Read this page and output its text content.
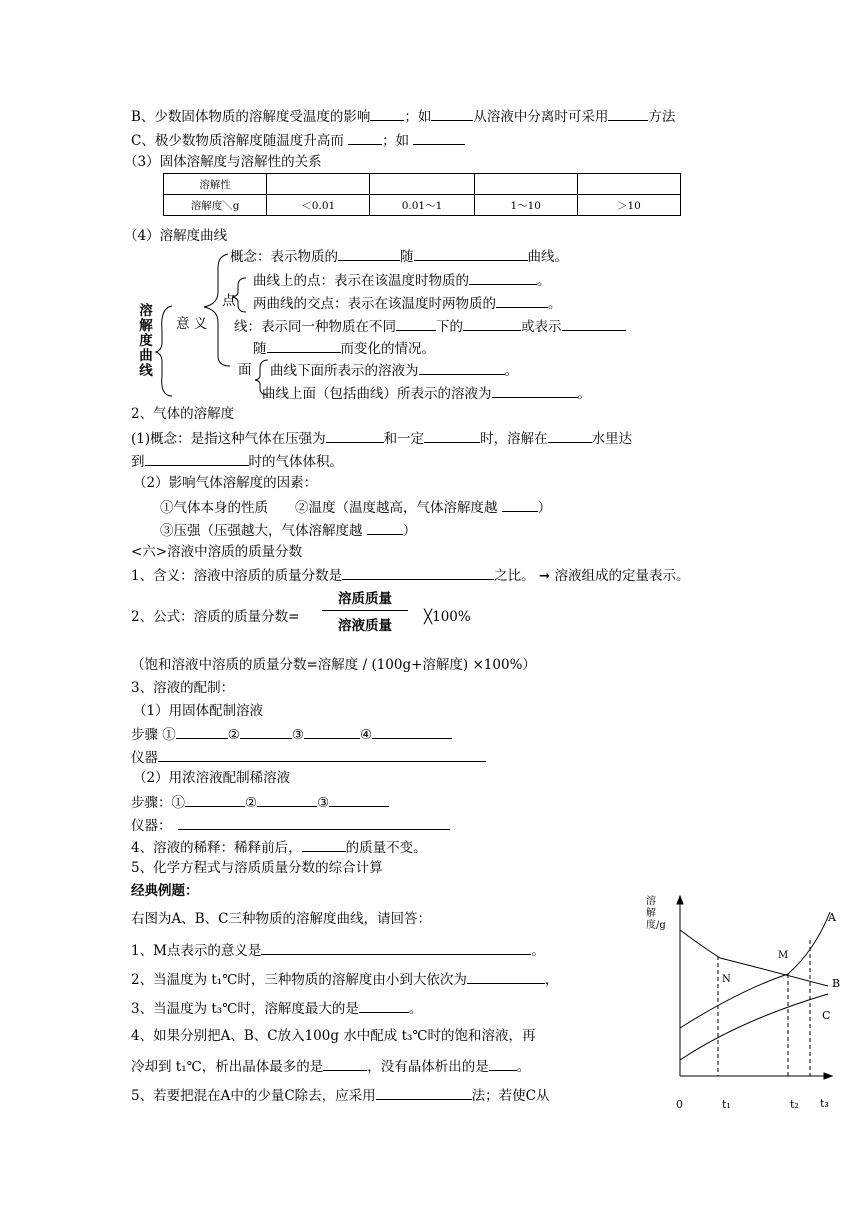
B、少数固体物质的溶解度受温度的影响	；如	从溶液中分离时可采用	方法
C、极少数物质溶解度随温度升高而	；如
（3）固体溶解度与溶解性的关系
溶解性				
溶解度＼g	＜0.01	0.01～1	1～10	＞10
（4）溶解度曲线
溶解度曲线
概念：表示物质的	随	曲线。
曲线上的点：表示在该温度时物质的	。
点 两曲线的交点：表示在该温度时两物质的	。
意 义 线：表示同一种物质在不同	下的	或表示
随	而变化的情况。
面 曲线下面所表示的溶液为	。
曲线上面（包括曲线）所表示的溶液为	。
2、气体的溶解度
(1)概念：是指这种气体在压强为	和一定	时，溶解在	水里达
到	时的气体体积。
（2）影响气体溶解度的因素：
①气体本身的性质　　②温度（温度越高，气体溶解度越	）
③压强（压强越大，气体溶解度越	）
<六>溶液中溶质的质量分数
1、含义：溶液中溶质的质量分数是	之比。 ➞ 溶液组成的定量表示。
2、公式：溶质的质量分数=
溶质质量
溶液质量
╳100%
（饱和溶液中溶质的质量分数=溶解度 / (100g+溶解度) ×100%）
3、溶液的配制：
（1）用固体配制溶液
步骤 ①	②	③	④
仪器
（2）用浓溶液配制稀溶液
步骤：①	②	③
仪器：
4、溶液的稀释：稀释前后，	的质量不变。
5、化学方程式与溶质质量分数的综合计算
经典例题：
右图为A、B、C三种物质的溶解度曲线，请回答：
1、M点表示的意义是	。
2、当温度为 t₁℃时，三种物质的溶解度由小到大依次为	，
3、当温度为 t₃℃时，溶解度最大的是	。
4、如果分别把A、B、C放入100g 水中配成 t₃℃时的饱和溶液，再
冷却到 t₁℃，析出晶体最多的是	，没有晶体析出的是 。
5、若要把混在A中的少量C除去，应采用	法；若使C从
溶解度/g
0	t₁	t₂ t₃
A
B
C
M
N
